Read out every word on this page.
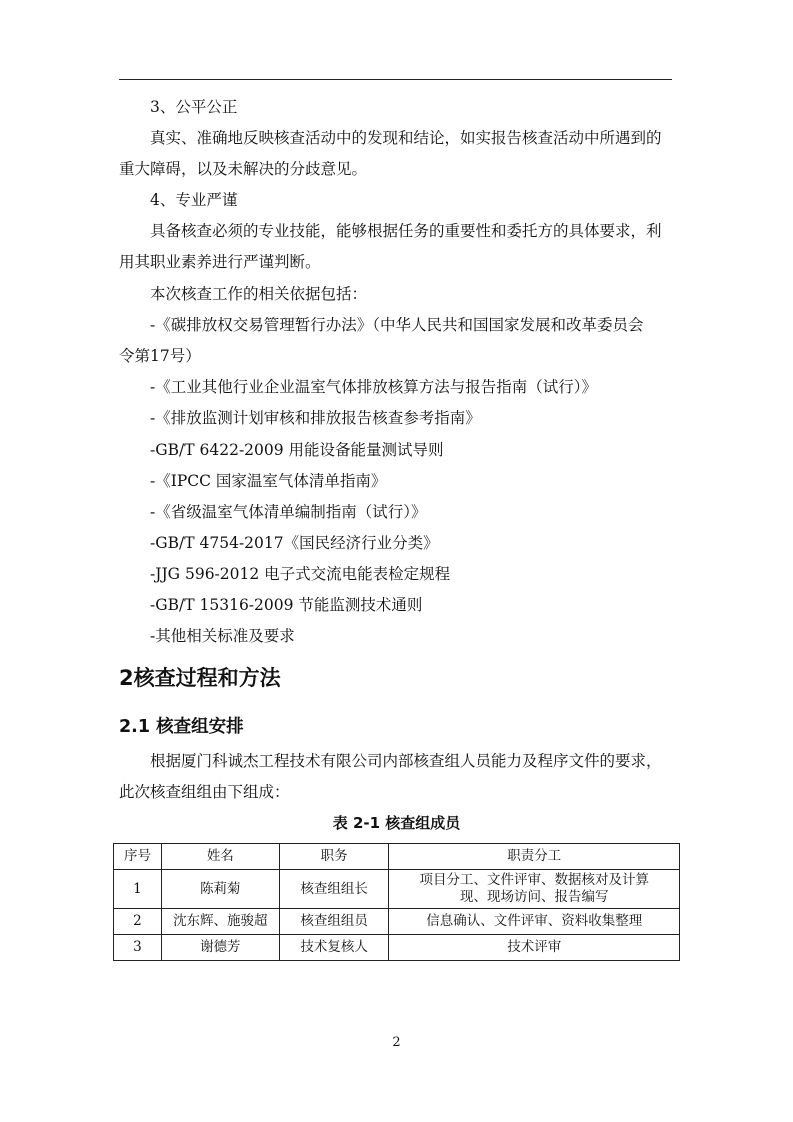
3、公平公正
真实、准确地反映核查活动中的发现和结论，如实报告核查活动中所遇到的
重大障碍，以及未解决的分歧意见。
4、专业严谨
具备核查必须的专业技能，能够根据任务的重要性和委托方的具体要求，利
用其职业素养进行严谨判断。
本次核查工作的相关依据包括：
-《碳排放权交易管理暂行办法》（中华人民共和国国家发展和改革委员会
令第17号）
-《工业其他行业企业温室气体排放核算方法与报告指南（试行）》
-《排放监测计划审核和排放报告核查参考指南》
-GB/T 6422-2009 用能设备能量测试导则
-《IPCC 国家温室气体清单指南》
-《省级温室气体清单编制指南（试行）》
-GB/T 4754-2017《国民经济行业分类》
-JJG 596-2012 电子式交流电能表检定规程
-GB/T 15316-2009 节能监测技术通则
-其他相关标准及要求
2核查过程和方法
2.1 核查组安排
根据厦门科诚杰工程技术有限公司内部核查组人员能力及程序文件的要求，
此次核查组组由下组成：
表 2-1 核查组成员
序号	姓名	职务	职责分工
1	陈莉菊	核查组组长	项目分工、文件评审、数据核对及计算现、现场访问、报告编写
2	沈东辉、施骏超	核查组组员	信息确认、文件评审、资料收集整理
3	谢德芳	技术复核人	技术评审
2
